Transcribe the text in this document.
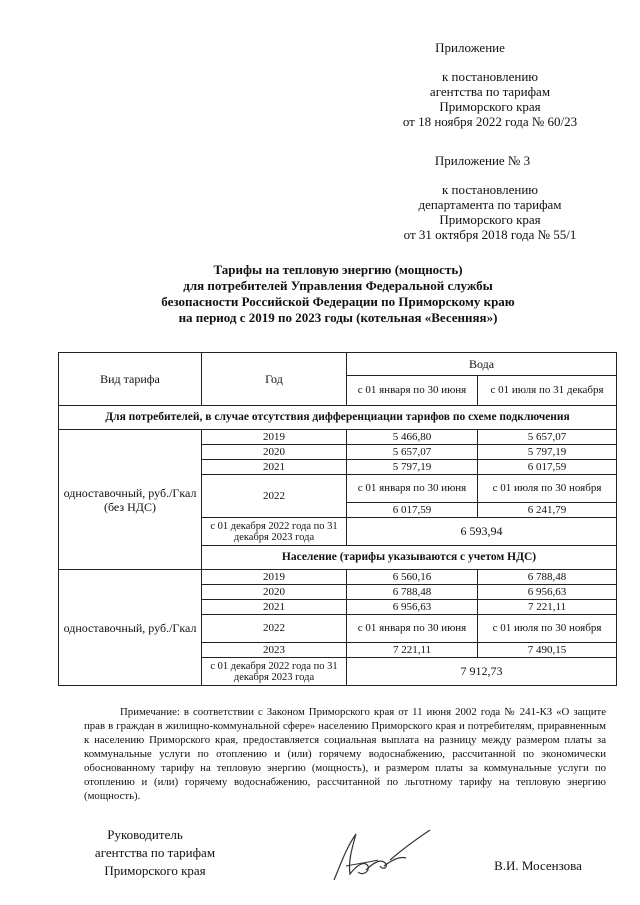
Приложение
к постановлению
агентства по тарифам
Приморского края
от 18 ноября 2022 года № 60/23
Приложение № 3
к постановлению
департамента по тарифам
Приморского края
от 31 октября 2018 года № 55/1
Тарифы на тепловую энергию (мощность)
для потребителей Управления Федеральной службы
безопасности Российской Федерации по Приморскому краю
на период с 2019 по 2023 годы (котельная «Весенняя»)
Вид тарифа	Год	Вода	
		с 01 января по 30 июня	с 01 июля по 31 декабря
Для потребителей, в случае отсутствия дифференциации тарифов по схеме подключения			
одноставочный, руб./Гкал (без НДС)	2019	5 466,80	5 657,07
	2020	5 657,07	5 797,19
	2021	5 797,19	6 017,59
	2022	с 01 января по 30 июня	с 01 июля по 30 ноября
		6 017,59	6 241,79
	с 01 декабря 2022 года по 31 декабря 2023 года	6 593,94	
	Население (тарифы указываются с учетом НДС)		
одноставочный, руб./Гкал	2019	6 560,16	6 788,48
	2020	6 788,48	6 956,63
	2021	6 956,63	7 221,11
	2022	с 01 января по 30 июня	с 01 июля по 30 ноября
	2023	7 221,11	7 490,15
	с 01 декабря 2022 года по 31 декабря 2023 года	7 912,73	

Примечание: в соответствии с Законом Приморского края от 11 июня 2002 года № 241-КЗ «О защите прав в граждан в жилищно-коммунальной сфере» населению Приморского края и потребителям, приравненным к населению Приморского края, предоставляется социальная выплата на разницу между размером платы за коммунальные услуги по отоплению и (или) горячему водоснабжению, рассчитанной по экономически обоснованному тарифу на тепловую энергию (мощность), и размером платы за коммунальные услуги по отоплению и (или) горячему водоснабжению, рассчитанной по льготному тарифу на тепловую энергию (мощность).

Руководитель
агентства по тарифам
Приморского края	В.И. Мосензова
